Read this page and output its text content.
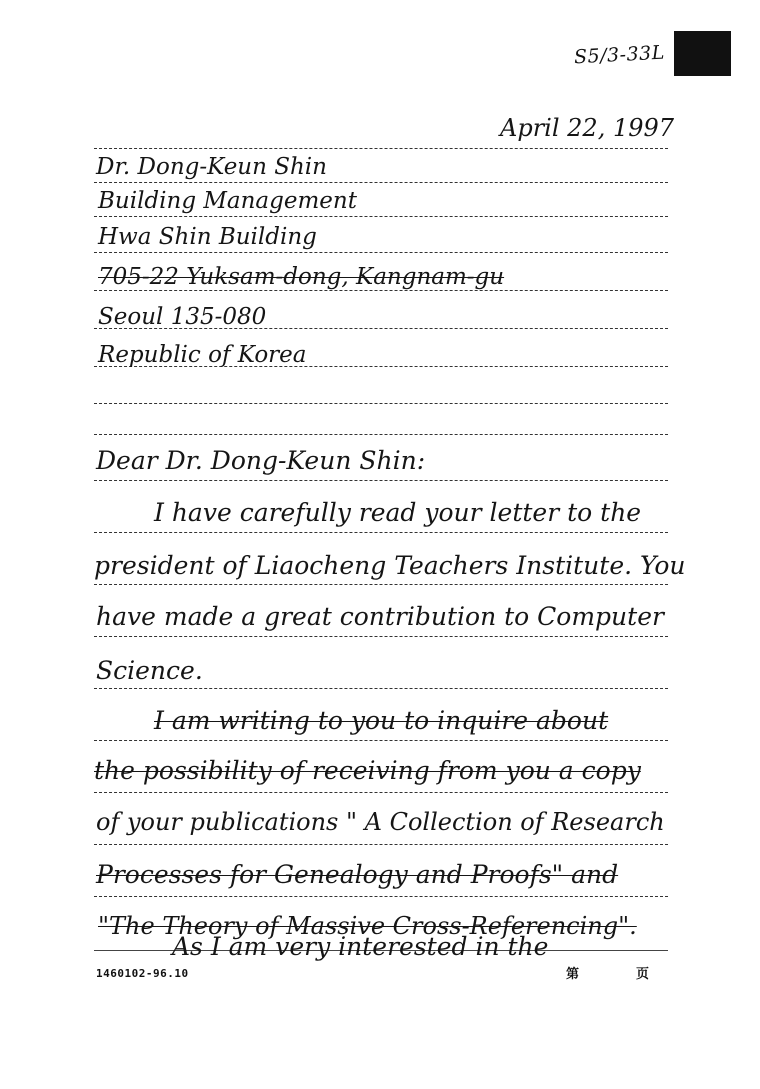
S5/3-33L
April 22, 1997
Dr. Dong-Keun Shin
Building Management
Hwa Shin Building
705-22 Yuksam-dong, Kangnam-gu
Seoul 135-080
Republic of Korea
Dear Dr. Dong-Keun Shin:
I have carefully read your letter to the
president of Liaocheng Teachers Institute. You
have made a great contribution to Computer
Science.
I am writing to you to inquire about
the possibility of receiving from you a copy
of your publications " A Collection of Research
Processes for Genealogy and Proofs" and
"The Theory of Massive Cross-Referencing".
As I am very interested in the
1460102-96.10	第	页
